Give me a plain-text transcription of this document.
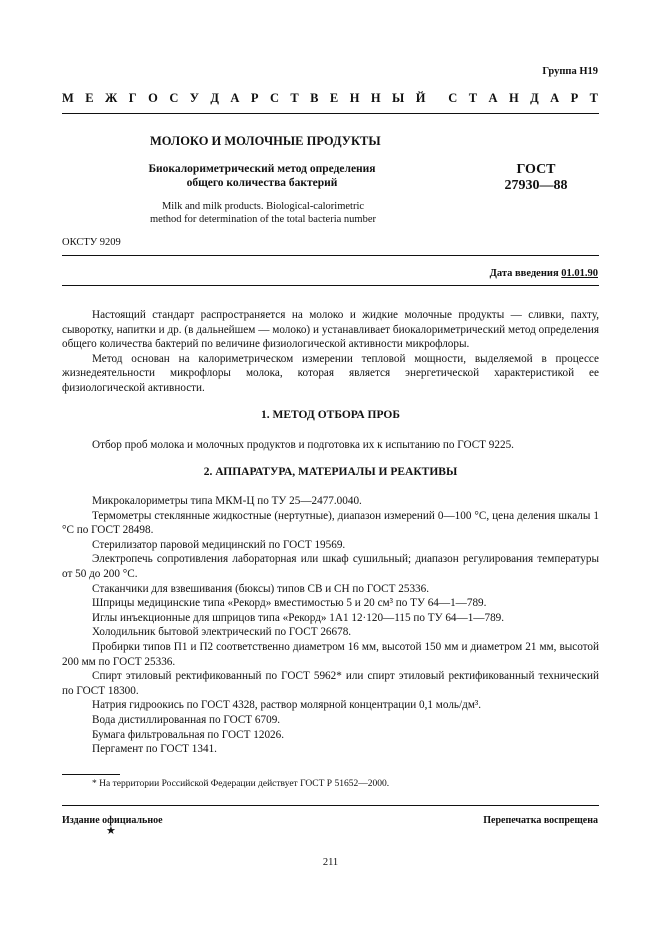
Группа Н19
М Е Ж Г О С У Д А Р С Т В Е Н Н Ы Й С Т А Н Д А Р Т
МОЛОКО И МОЛОЧНЫЕ ПРОДУКТЫ
Биокалориметрический метод определения
общего количества бактерий
ГОСТ
27930—88
Milk and milk products. Biological-calorimetric
method for determination of the total bacteria number
ОКСТУ 9209
Дата введения 01.01.90

Настоящий стандарт распространяется на молоко и жидкие молочные продукты — сливки, пахту, сыворотку, напитки и др. (в дальнейшем — молоко) и устанавливает биокалориметрический метод определения общего количества бактерий по величине физиологической активности микрофлоры.

Метод основан на калориметрическом измерении тепловой мощности, выделяемой в процессе жизнедеятельности микрофлоры молока, которая является энергетической характеристикой ее физиологической активности.

1. МЕТОД ОТБОРА ПРОБ

Отбор проб молока и молочных продуктов и подготовка их к испытанию по ГОСТ 9225.

2. АППАРАТУРА, МАТЕРИАЛЫ И РЕАКТИВЫ

Микрокалориметры типа МКМ-Ц по ТУ 25—2477.0040.

Термометры стеклянные жидкостные (нертутные), диапазон измерений 0—100 °С, цена деления шкалы 1 °С по ГОСТ 28498.

Стерилизатор паровой медицинский по ГОСТ 19569.

Электропечь сопротивления лабораторная или шкаф сушильный; диапазон регулирования температуры от 50 до 200 °С.

Стаканчики для взвешивания (бюксы) типов СВ и СН по ГОСТ 25336.

Шприцы медицинские типа «Рекорд» вместимостью 5 и 20 см³ по ТУ 64—1—789.

Иглы инъекционные для шприцов типа «Рекорд» 1А1 12·120—115 по ТУ 64—1—789.

Холодильник бытовой электрический по ГОСТ 26678.

Пробирки типов П1 и П2 соответственно диаметром 16 мм, высотой 150 мм и диаметром 21 мм, высотой 200 мм по ГОСТ 25336.

Спирт этиловый ректификованный по ГОСТ 5962* или спирт этиловый ректификованный технический по ГОСТ 18300.

Натрия гидроокись по ГОСТ 4328, раствор молярной концентрации 0,1 моль/дм³.

Вода дистиллированная по ГОСТ 6709.

Бумага фильтровальная по ГОСТ 12026.

Пергамент по ГОСТ 1341.

* На территории Российской Федерации действует ГОСТ Р 51652—2000.
Издание официальное
★
Перепечатка воспрещена
211
